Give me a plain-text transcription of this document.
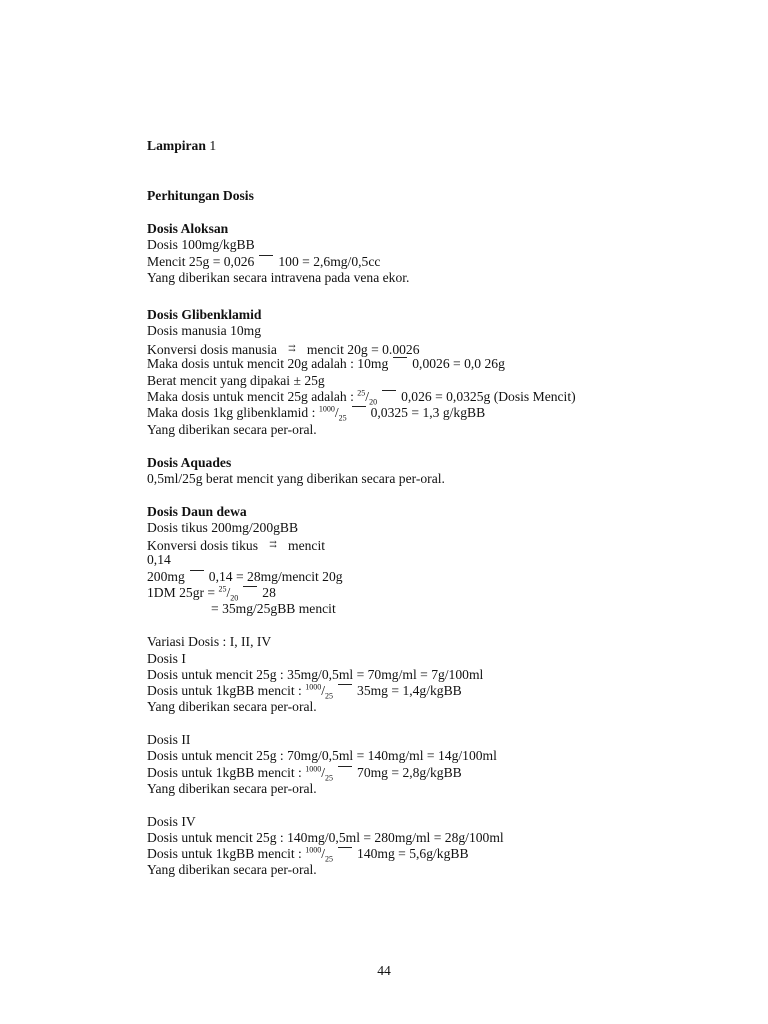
Lampiran 1
Perhitungan Dosis
Dosis Aloksan
Dosis 100mg/kgBB
Mencit 25g = 0,026 100 = 2,6mg/0,5cc
Yang diberikan secara intravena pada vena ekor.
Dosis Glibenklamid
Dosis manusia 10mg
Konversi dosis manusia ⇉ mencit 20g = 0.0026
Maka dosis untuk mencit 20g adalah : 10mg 0,0026 = 0,0 26g
Berat mencit yang dipakai ± 25g
Maka dosis untuk mencit 25g adalah : $^{25}/_{20}$ 0,026 = 0,0325g (Dosis Mencit)
Maka dosis 1kg glibenklamid : $^{1000}/_{25}$ 0,0325 = 1,3 g/kgBB
Yang diberikan secara per-oral.
Dosis Aquades
0,5ml/25g berat mencit yang diberikan secara per-oral.
Dosis Daun dewa
Dosis tikus 200mg/200gBB
Konversi dosis tikus ⇉ mencit
0,14
200mg 0,14 = 28mg/mencit 20g
1DM $25gr = ^{25}/_{20}$ 28
= 35mg/25gBB mencit
Variasi Dosis : I, II, IV
Dosis I
Dosis untuk mencit 25g : 35mg/0,5ml = 70mg/ml = 7g/100ml
Dosis untuk 1kgBB mencit : $^{1000}/_{25}$ 35mg = 1,4g/kgBB
Yang diberikan secara per-oral.
Dosis II
Dosis untuk mencit 25g : 70mg/0,5ml = 140mg/ml = 14g/100ml
Dosis untuk 1kgBB mencit : $^{1000}/_{25}$ 70mg = 2,8g/kgBB
Yang diberikan secara per-oral.
Dosis IV
Dosis untuk mencit 25g : 140mg/0,5ml = 280mg/ml = 28g/100ml
Dosis untuk 1kgBB mencit : $^{1000}/_{25}$ 140mg = 5,6g/kgBB
Yang diberikan secara per-oral.
44
